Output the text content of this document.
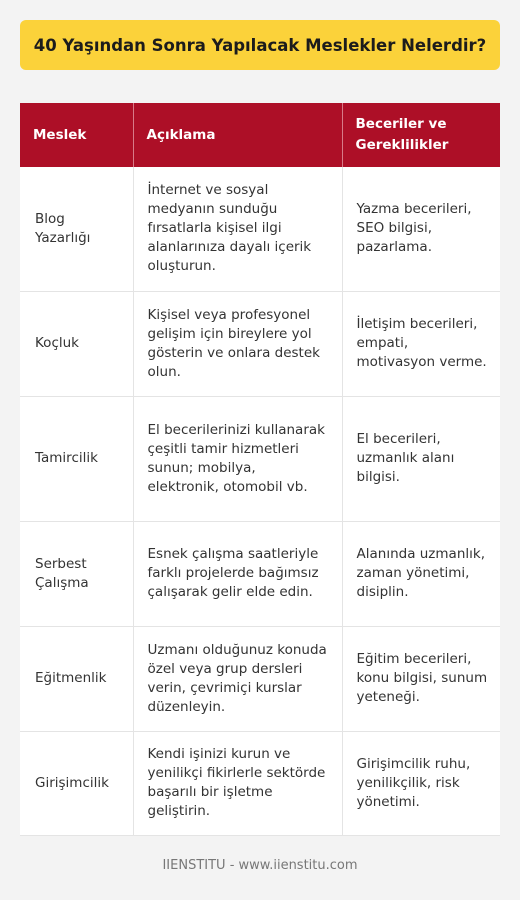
40 Yaşından Sonra Yapılacak Meslekler Nelerdir?
Meslek	Açıklama	Beceriler ve Gereklilikler
Blog Yazarlığı	İnternet ve sosyal medyanın sunduğu fırsatlarla kişisel ilgi alanlarınıza dayalı içerik oluşturun.	Yazma becerileri, SEO bilgisi, pazarlama.
Koçluk	Kişisel veya profesyonel gelişim için bireylere yol gösterin ve onlara destek olun.	İletişim becerileri, empati, motivasyon verme.
Tamircilik	El becerilerinizi kullanarak çeşitli tamir hizmetleri sunun; mobilya, elektronik, otomobil vb.	El becerileri, uzmanlık alanı bilgisi.
Serbest Çalışma	Esnek çalışma saatleriyle farklı projelerde bağımsız çalışarak gelir elde edin.	Alanında uzmanlık, zaman yönetimi, disiplin.
Eğitmenlik	Uzmanı olduğunuz konuda özel veya grup dersleri verin, çevrimiçi kurslar düzenleyin.	Eğitim becerileri, konu bilgisi, sunum yeteneği.
Girişimcilik	Kendi işinizi kurun ve yenilikçi fikirlerle sektörde başarılı bir işletme geliştirin.	Girişimcilik ruhu, yenilikçilik, risk yönetimi.
IIENSTITU - www.iienstitu.com
